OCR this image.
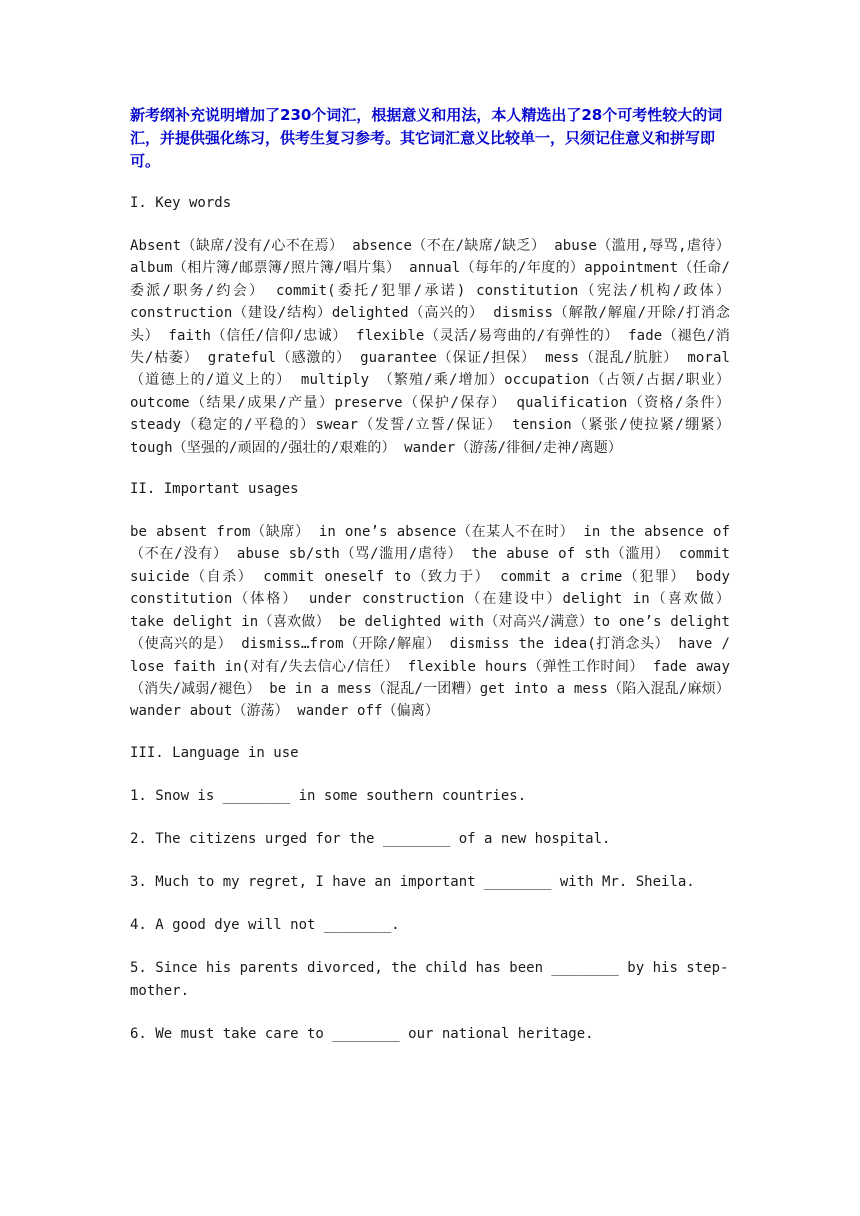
新考纲补充说明增加了230个词汇，根据意义和用法，本人精选出了28个可考性较大的词汇，并提供强化练习，供考生复习参考。其它词汇意义比较单一，只须记住意义和拼写即可。

I. Key words

Absent（缺席/没有/心不在焉） absence（不在/缺席/缺乏） abuse（滥用,辱骂,虐待）album（相片簿/邮票簿/照片簿/唱片集） annual（每年的/年度的）appointment（任命/委派/职务/约会） commit(委托/犯罪/承诺) constitution（宪法/机构/政体） construction（建设/结构）delighted（高兴的） dismiss（解散/解雇/开除/打消念头） faith（信任/信仰/忠诚） flexible（灵活/易弯曲的/有弹性的） fade（褪色/消失/枯萎） grateful（感激的） guarantee（保证/担保） mess（混乱/肮脏） moral（道德上的/道义上的） multiply （繁殖/乘/增加）occupation（占领/占据/职业） outcome（结果/成果/产量）preserve（保护/保存） qualification（资格/条件） steady（稳定的/平稳的）swear（发誓/立誓/保证） tension（紧张/使拉紧/绷紧） tough（坚强的/顽固的/强壮的/艰难的） wander（游荡/徘徊/走神/离题）

II. Important usages

be absent from（缺席） in one’s absence（在某人不在时） in the absence of （不在/没有） abuse sb/sth（骂/滥用/虐待） the abuse of sth（滥用） commit suicide（自杀） commit oneself to（致力于） commit a crime（犯罪） body constitution（体格） under construction（在建设中）delight in（喜欢做） take delight in（喜欢做） be delighted with（对高兴/满意）to one’s delight（使高兴的是） dismiss…from（开除/解雇） dismiss the idea(打消念头） have / lose faith in(对有/失去信心/信任） flexible hours（弹性工作时间） fade away（消失/减弱/褪色） be in a mess（混乱/一团糟）get into a mess（陷入混乱/麻烦） wander about（游荡） wander off（偏离）

III. Language in use

1. Snow is ________ in some southern countries.

2. The citizens urged for the ________ of a new hospital.

3. Much to my regret, I have an important ________ with Mr. Sheila.

4. A good dye will not ________.

5. Since his parents divorced, the child has been ________ by his step-mother.

6. We must take care to ________ our national heritage.
